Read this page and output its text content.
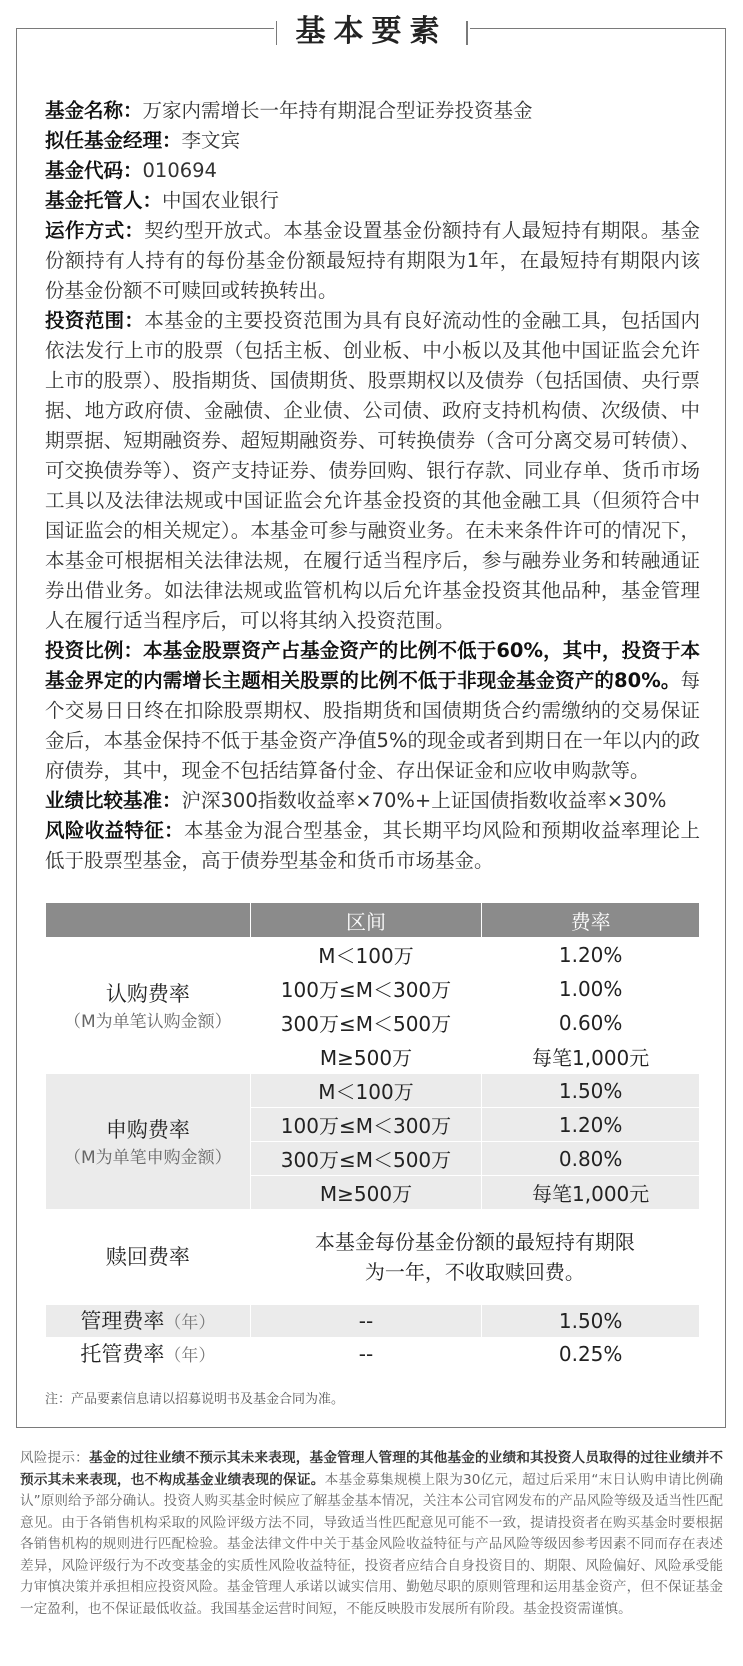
基本要素

基金名称：万家内需增长一年持有期混合型证券投资基金

拟任基金经理：李文宾

基金代码：010694

基金托管人：中国农业银行

运作方式：契约型开放式。本基金设置基金份额持有人最短持有期限。基金份额持有人持有的每份基金份额最短持有期限为1年，在最短持有期限内该份基金份额不可赎回或转换转出。

投资范围：本基金的主要投资范围为具有良好流动性的金融工具，包括国内依法发行上市的股票（包括主板、创业板、中小板以及其他中国证监会允许上市的股票）、股指期货、国债期货、股票期权以及债券（包括国债、央行票据、地方政府债、金融债、企业债、公司债、政府支持机构债、次级债、中期票据、短期融资券、超短期融资券、可转换债券（含可分离交易可转债）、可交换债券等）、资产支持证券、债券回购、银行存款、同业存单、货币市场工具以及法律法规或中国证监会允许基金投资的其他金融工具（但须符合中国证监会的相关规定）。本基金可参与融资业务。在未来条件许可的情况下，本基金可根据相关法律法规，在履行适当程序后，参与融券业务和转融通证券出借业务。如法律法规或监管机构以后允许基金投资其他品种，基金管理人在履行适当程序后，可以将其纳入投资范围。

投资比例：本基金股票资产占基金资产的比例不低于60%，其中，投资于本基金界定的内需增长主题相关股票的比例不低于非现金基金资产的80%。每个交易日日终在扣除股票期权、股指期货和国债期货合约需缴纳的交易保证金后，本基金保持不低于基金资产净值5%的现金或者到期日在一年以内的政府债券，其中，现金不包括结算备付金、存出保证金和应收申购款等。

业绩比较基准：沪深300指数收益率×70%+上证国债指数收益率×30%

风险收益特征：本基金为混合型基金，其长期平均风险和预期收益率理论上低于股票型基金，高于债券型基金和货币市场基金。

	区间	费率

认购费率
（M为单笔认购金额）	M＜100万	1.20%
	100万≤M＜300万	1.00%
	300万≤M＜500万	0.60%
	M≥500万	每笔1,000元

申购费率
（M为单笔申购金额）	M＜100万	1.50%
	100万≤M＜300万	1.20%
	300万≤M＜500万	0.80%
	M≥500万	每笔1,000元

赎回费率	本基金每份基金份额的最短持有期限
为一年，不收取赎回费。	

管理费率（年）	--	1.50%
托管费率（年）	--	0.25%
注：产品要素信息请以招募说明书及基金合同为准。
风险提示：基金的过往业绩不预示其未来表现，基金管理人管理的其他基金的业绩和其投资人员取得的过往业绩并不预示其未来表现，也不构成基金业绩表现的保证。本基金募集规模上限为30亿元，超过后采用“末日认购申请比例确认”原则给予部分确认。投资人购买基金时候应了解基金基本情况，关注本公司官网发布的产品风险等级及适当性匹配意见。由于各销售机构采取的风险评级方法不同，导致适当性匹配意见可能不一致，提请投资者在购买基金时要根据各销售机构的规则进行匹配检验。基金法律文件中关于基金风险收益特征与产品风险等级因参考因素不同而存在表述差异，风险评级行为不改变基金的实质性风险收益特征，投资者应结合自身投资目的、期限、风险偏好、风险承受能力审慎决策并承担相应投资风险。基金管理人承诺以诚实信用、勤勉尽职的原则管理和运用基金资产，但不保证基金一定盈利，也不保证最低收益。我国基金运营时间短，不能反映股市发展所有阶段。基金投资需谨慎。
